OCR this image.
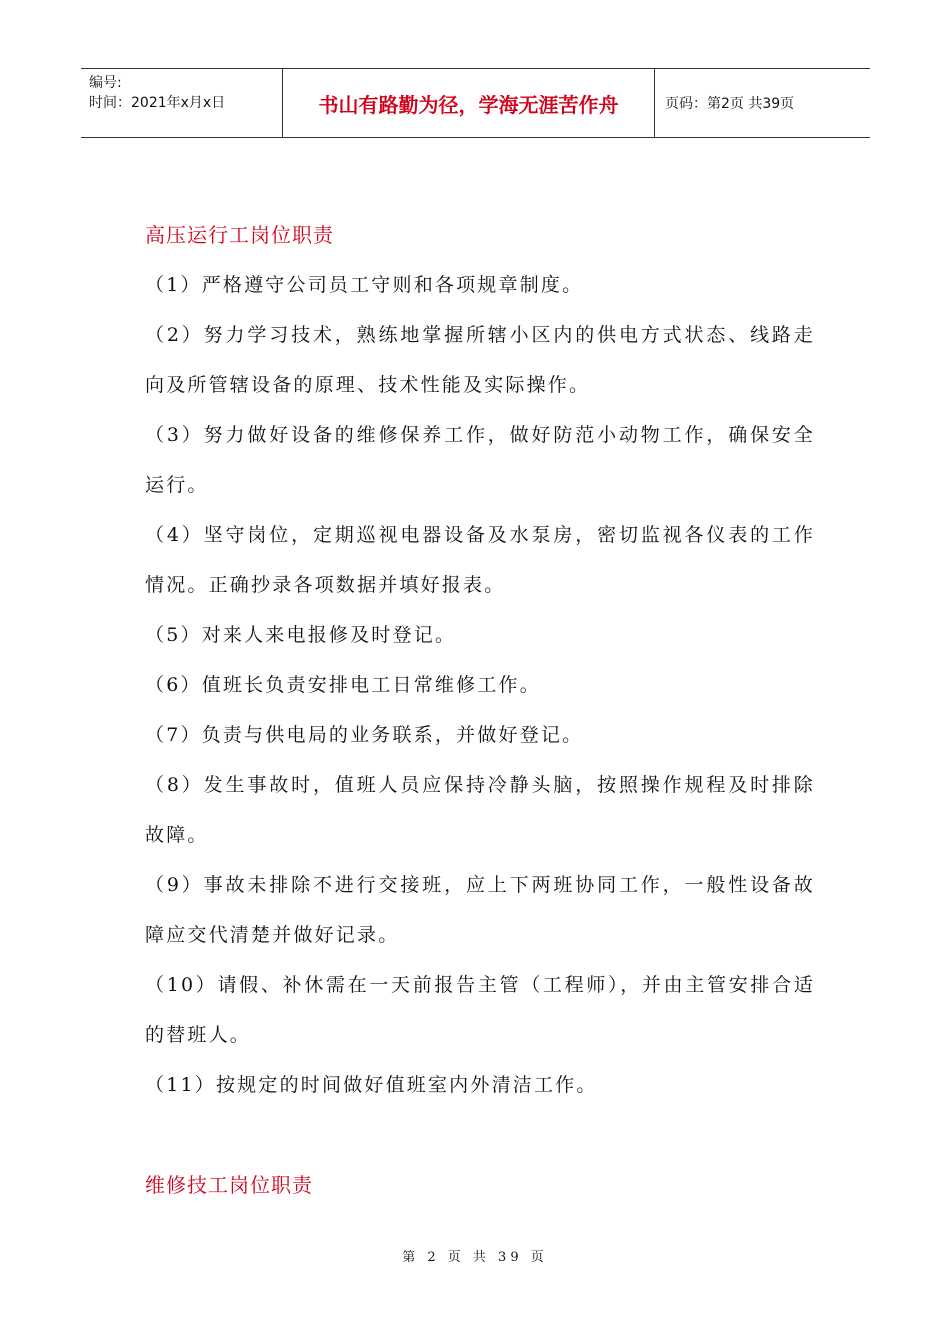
编号:
时间：2021年x月x日	书山有路勤为径，学海无涯苦作舟	页码：第2页 共39页
高压运行工岗位职责

（1）严格遵守公司员工守则和各项规章制度。

（2）努力学习技术，熟练地掌握所辖小区内的供电方式状态、线路走向及所管辖设备的原理、技术性能及实际操作。

（3）努力做好设备的维修保养工作，做好防范小动物工作，确保安全运行。

（4）坚守岗位，定期巡视电器设备及水泵房，密切监视各仪表的工作情况。正确抄录各项数据并填好报表。

（5）对来人来电报修及时登记。

（6）值班长负责安排电工日常维修工作。

（7）负责与供电局的业务联系，并做好登记。

（8）发生事故时，值班人员应保持冷静头脑，按照操作规程及时排除故障。

（9）事故未排除不进行交接班，应上下两班协同工作，一般性设备故障应交代清楚并做好记录。

（10）请假、补休需在一天前报告主管（工程师），并由主管安排合适的替班人。

（11）按规定的时间做好值班室内外清洁工作。

维修技工岗位职责
第 2 页 共 39 页
